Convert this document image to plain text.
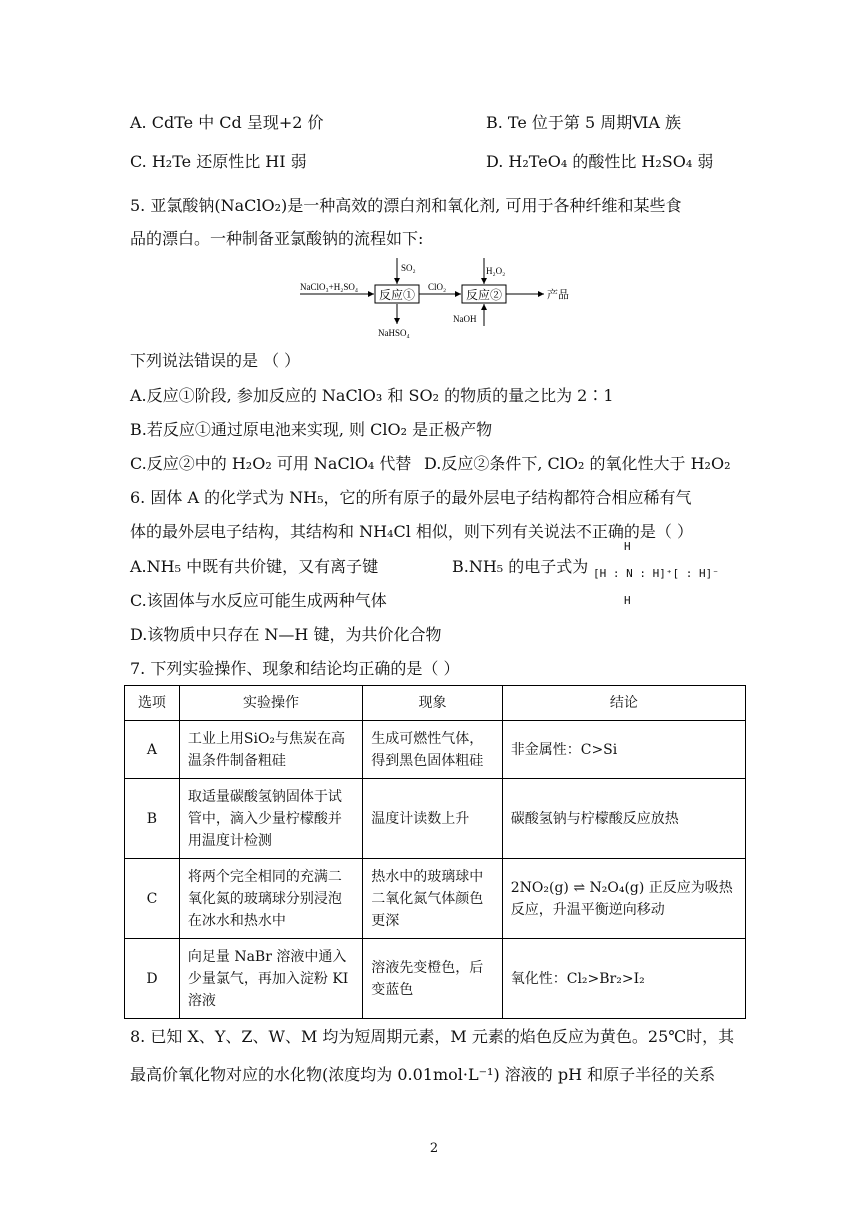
A. CdTe 中 Cd 呈现+2 价	B. Te 位于第 5 周期ⅥA 族
C. H₂Te 还原性比 HI 弱	D. H₂TeO₄ 的酸性比 H₂SO₄ 弱
5. 亚氯酸钠(NaClO₂)是一种高效的漂白剂和氧化剂, 可用于各种纤维和某些食
品的漂白。一种制备亚氯酸钠的流程如下:
NaClO₃+H₂SO₄
反应①
SO₂
NaHSO₄
ClO₂
反应②
H₂O₂
NaOH
产品
下列说法错误的是 （ ）
A.反应①阶段, 参加反应的 NaClO₃ 和 SO₂ 的物质的量之比为 2∶1
B.若反应①通过原电池来实现, 则 ClO₂ 是正极产物
C.反应②中的 H₂O₂ 可用 NaClO₄ 代替 D.反应②条件下, ClO₂ 的氧化性大于 H₂O₂
6. 固体 A 的化学式为 NH₅，它的所有原子的最外层电子结构都符合相应稀有气
体的最外层电子结构，其结构和 NH₄Cl 相似，则下列有关说法不正确的是（ ）
A.NH₅ 中既有共价键，又有离子键	B.NH₅ 的电子式为
H
[H : N : H]⁺[ : H]⁻
H
C.该固体与水反应可能生成两种气体
D.该物质中只存在 N—H 键，为共价化合物
7. 下列实验操作、现象和结论均正确的是（ ）
选项	实验操作	现象	结论
A	工业上用SiO₂与焦炭在高温条件制备粗硅	生成可燃性气体，得到黑色固体粗硅	非金属性：C>Si
B	取适量碳酸氢钠固体于试管中，滴入少量柠檬酸并用温度计检测	温度计读数上升	碳酸氢钠与柠檬酸反应放热
C	将两个完全相同的充满二氧化氮的玻璃球分别浸泡在冰水和热水中	热水中的玻璃球中二氧化氮气体颜色更深	2NO₂(g) ⇌ N₂O₄(g) 正反应为吸热反应，升温平衡逆向移动
D	向足量 NaBr 溶液中通入少量氯气，再加入淀粉 KI 溶液	溶液先变橙色，后变蓝色	氧化性：Cl₂>Br₂>I₂
8. 已知 X、Y、Z、W、M 均为短周期元素，M 元素的焰色反应为黄色。25℃时，其
最高价氧化物对应的水化物(浓度均为 0.01mol·L⁻¹) 溶液的 pH 和原子半径的关系
2
